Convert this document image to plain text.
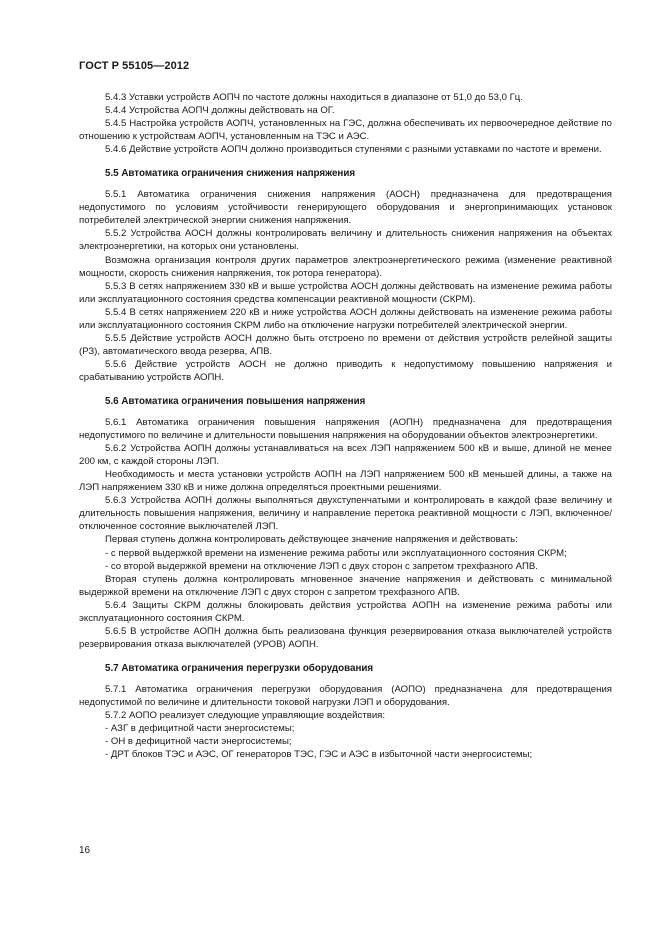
ГОСТ Р 55105—2012

5.4.3 Уставки устройств АОПЧ по частоте должны находиться в диапазоне от 51,0 до 53,0 Гц.

5.4.4 Устройства АОПЧ должны действовать на ОГ.

5.4.5 Настройка устройств АОПЧ, установленных на ГЭС, должна обеспечивать их первоочередное действие по отношению к устройствам АОПЧ, установленным на ТЭС и АЭС.

5.4.6 Действие устройств АОПЧ должно производиться ступенями с разными уставками по частоте и времени.

5.5 Автоматика ограничения снижения напряжения

5.5.1 Автоматика ограничения снижения напряжения (АОСН) предназначена для предотвращения недопустимого по условиям устойчивости генерирующего оборудования и энергопринимающих установок потребителей электрической энергии снижения напряжения.

5.5.2 Устройства АОСН должны контролировать величину и длительность снижения напряжения на объектах электроэнергетики, на которых они установлены.

Возможна организация контроля других параметров электроэнергетического режима (изменение реактивной мощности, скорость снижения напряжения, ток ротора генератора).

5.5.3 В сетях напряжением 330 кВ и выше устройства АОСН должны действовать на изменение режима работы или эксплуатационного состояния средства компенсации реактивной мощности (СКРМ).

5.5.4 В сетях напряжением 220 кВ и ниже устройства АОСН должны действовать на изменение режима работы или эксплуатационного состояния СКРМ либо на отключение нагрузки потребителей электрической энергии.

5.5.5 Действие устройств АОСН должно быть отстроено по времени от действия устройств релейной защиты (РЗ), автоматического ввода резерва, АПВ.

5.5.6 Действие устройств АОСН не должно приводить к недопустимому повышению напряжения и срабатыванию устройств АОПН.

5.6 Автоматика ограничения повышения напряжения

5.6.1 Автоматика ограничения повышения напряжения (АОПН) предназначена для предотвращения недопустимого по величине и длительности повышения напряжения на оборудовании объектов электроэнергетики.

5.6.2 Устройства АОПН должны устанавливаться на всех ЛЭП напряжением 500 кВ и выше, длиной не менее 200 км, с каждой стороны ЛЭП.

Необходимость и места установки устройств АОПН на ЛЭП напряжением 500 кВ меньшей длины, а также на ЛЭП напряжением 330 кВ и ниже должна определяться проектными решениями.

5.6.3 Устройства АОПН должны выполняться двухступенчатыми и контролировать в каждой фазе величину и длительность повышения напряжения, величину и направление перетока реактивной мощности с ЛЭП, включенное/отключенное состояние выключателей ЛЭП.

Первая ступень должна контролировать действующее значение напряжения и действовать:

- с первой выдержкой времени на изменение режима работы или эксплуатационного состояния СКРМ;

- со второй выдержкой времени на отключение ЛЭП с двух сторон с запретом трехфазного АПВ.

Вторая ступень должна контролировать мгновенное значение напряжения и действовать с минимальной выдержкой времени на отключение ЛЭП с двух сторон с запретом трехфазного АПВ.

5.6.4 Защиты СКРМ должны блокировать действия устройства АОПН на изменение режима работы или эксплуатационного состояния СКРМ.

5.6.5 В устройстве АОПН должна быть реализована функция резервирования отказа выключателей устройств резервирования отказа выключателей (УРОВ) АОПН.

5.7 Автоматика ограничения перегрузки оборудования

5.7.1 Автоматика ограничения перегрузки оборудования (АОПО) предназначена для предотвращения недопустимой по величине и длительности токовой нагрузки ЛЭП и оборудования.

5.7.2 АОПО реализует следующие управляющие воздействия:

- АЗГ в дефицитной части энергосистемы;

- ОН в дефицитной части энергосистемы;

- ДРТ блоков ТЭС и АЭС, ОГ генераторов ТЭС, ГЭС и АЭС в избыточной части энергосистемы;

16
